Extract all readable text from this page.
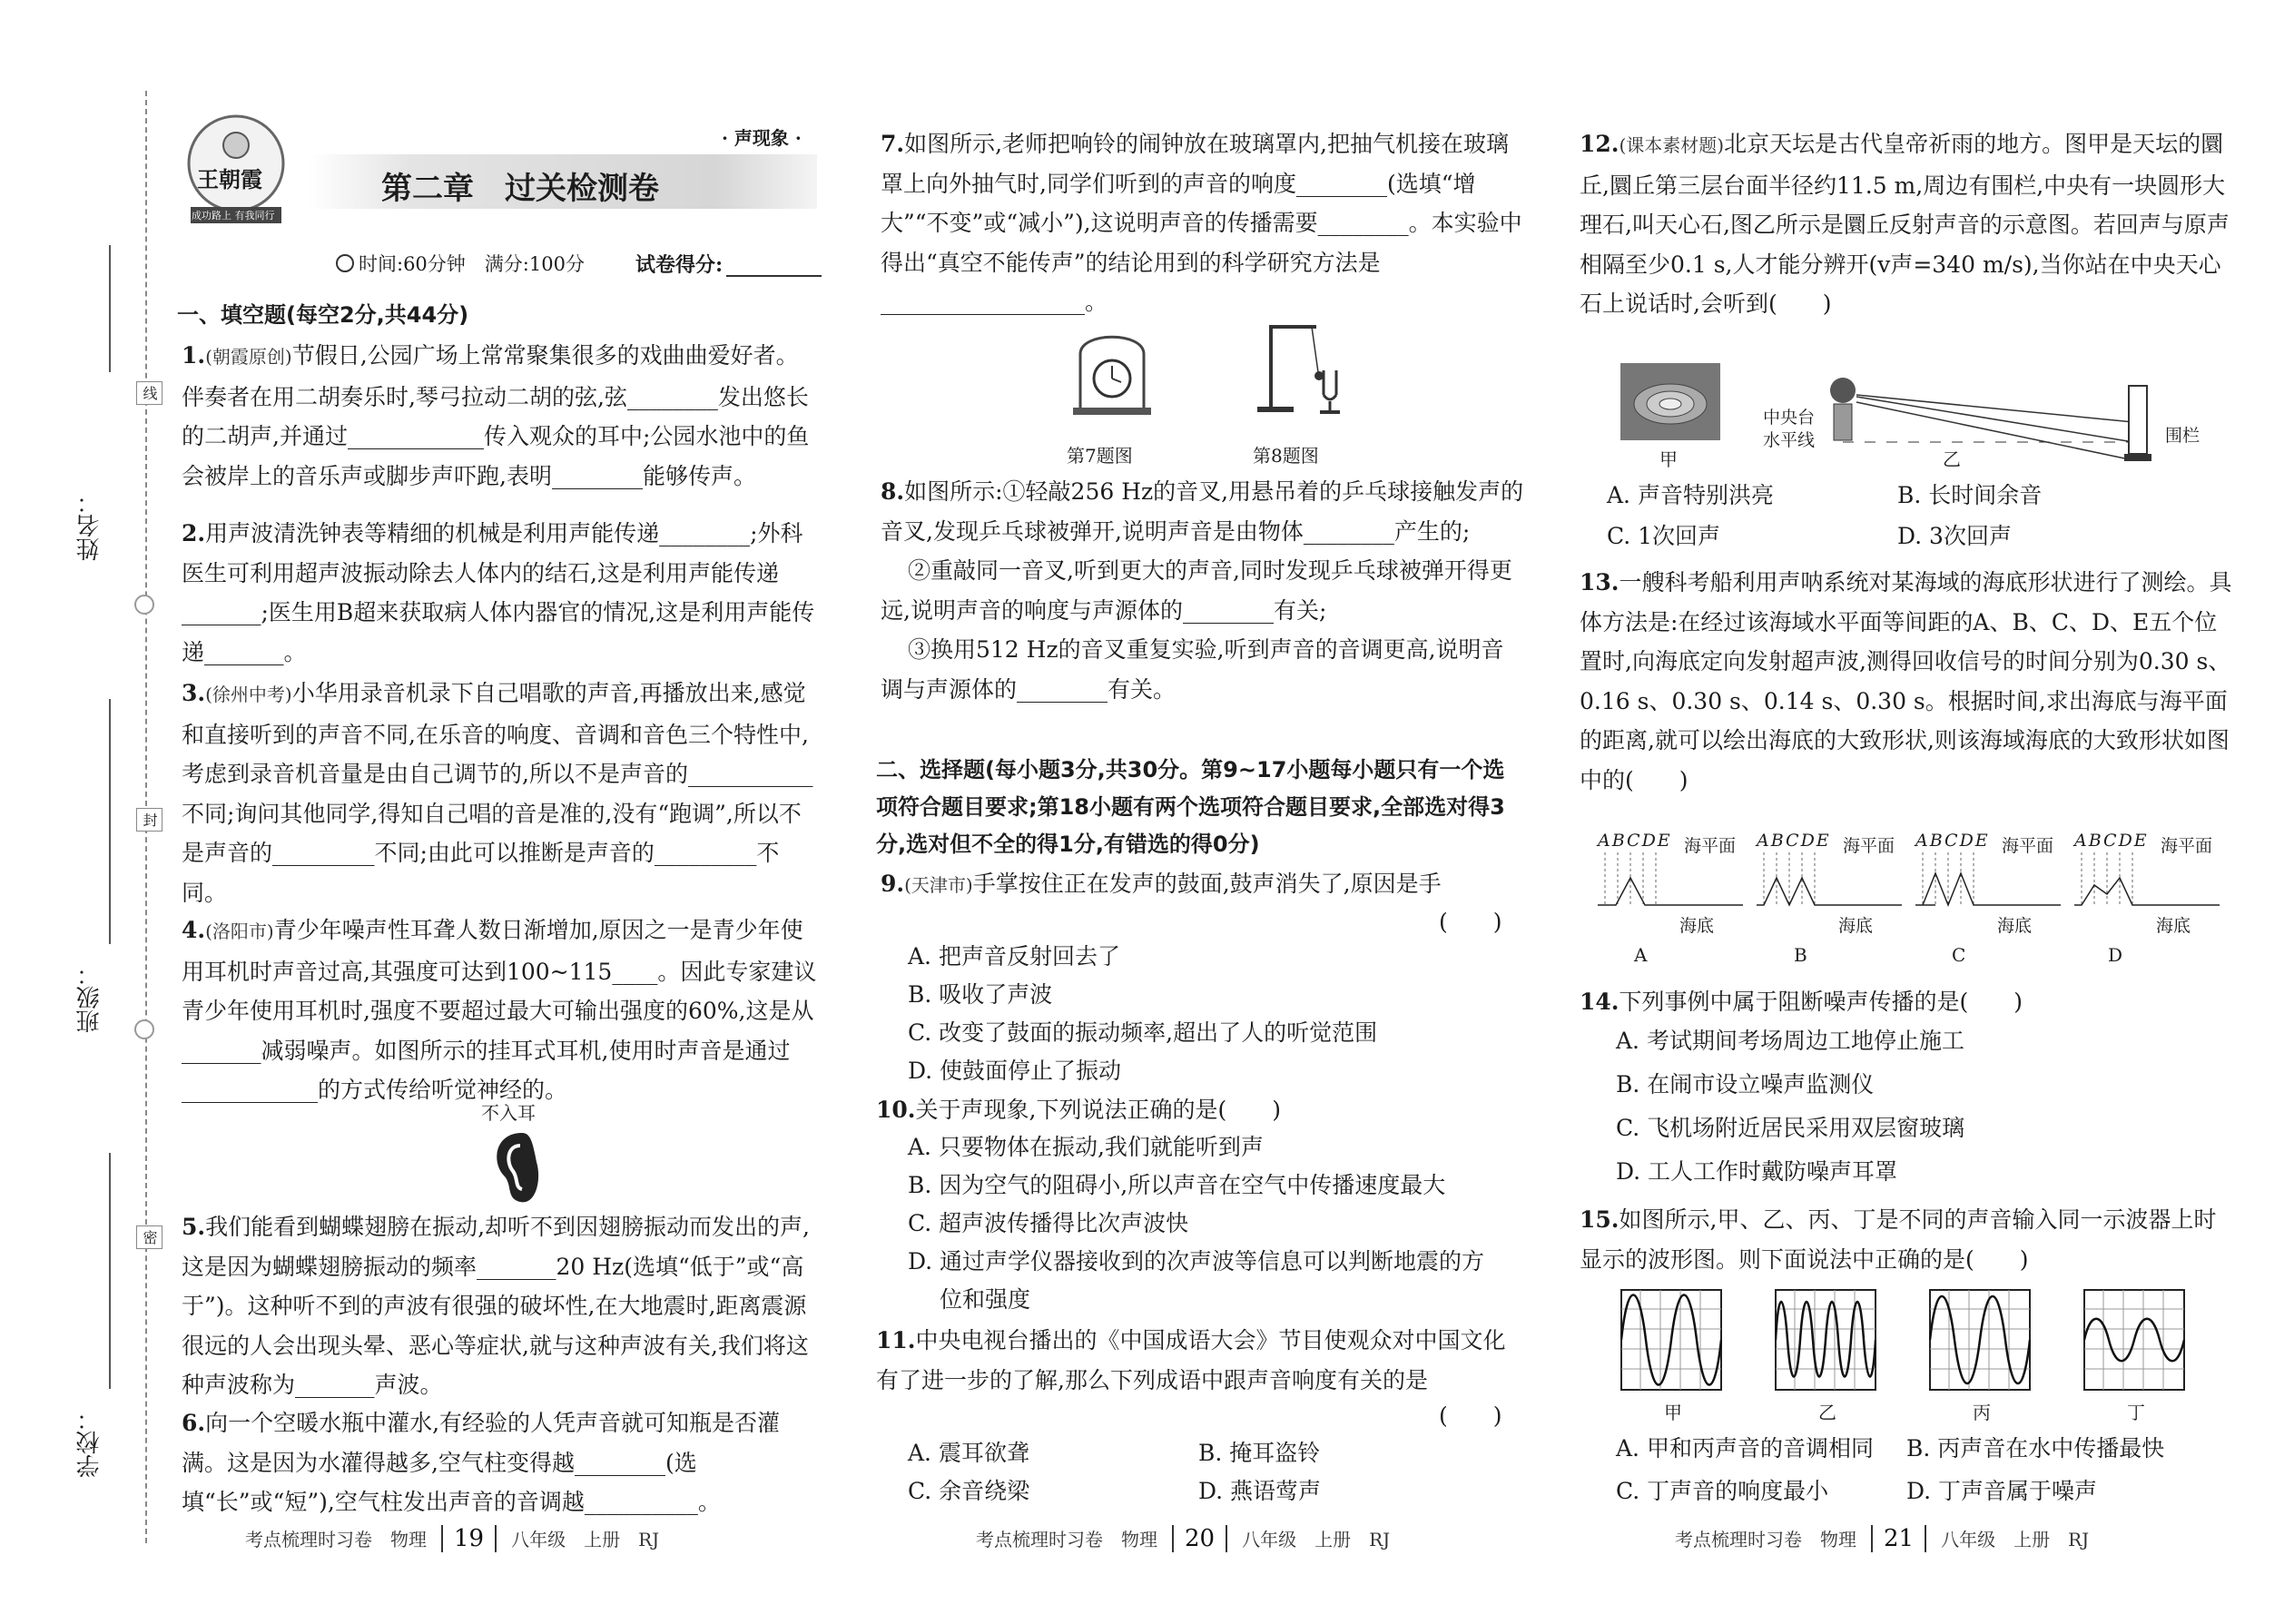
姓名：
班级：
学校：
线
封
密
王朝霞
成功路上 有我同行
· 声现象 ·
第二章　过关检测卷
时间:60分钟　满分:100分	试卷得分:
一、填空题(每空2分,共44分)
1.(朝霞原创)节假日,公园广场上常常聚集很多的戏曲曲爱好者。伴奏者在用二胡奏乐时,琴弓拉动二胡的弦,弦________发出悠长的二胡声,并通过____________传入观众的耳中;公园水池中的鱼会被岸上的音乐声或脚步声吓跑,表明________能够传声。
2.用声波清洗钟表等精细的机械是利用声能传递________;外科医生可利用超声波振动除去人体内的结石,这是利用声能传递_______;医生用B超来获取病人体内器官的情况,这是利用声能传递_______。
3.(徐州中考)小华用录音机录下自己唱歌的声音,再播放出来,感觉和直接听到的声音不同,在乐音的响度、音调和音色三个特性中,考虑到录音机音量是由自己调节的,所以不是声音的___________不同;询问其他同学,得知自己唱的音是准的,没有“跑调”,所以不是声音的_________不同;由此可以推断是声音的_________不同。
4.(洛阳市)青少年噪声性耳聋人数日渐增加,原因之一是青少年使用耳机时声音过高,其强度可达到100~115____。因此专家建议青少年使用耳机时,强度不要超过最大可输出强度的60%,这是从_______减弱噪声。如图所示的挂耳式耳机,使用时声音是通过____________的方式传给听觉神经的。
不入耳
5.我们能看到蝴蝶翅膀在振动,却听不到因翅膀振动而发出的声,这是因为蝴蝶翅膀振动的频率_______20 Hz(选填“低于”或“高于”)。这种听不到的声波有很强的破坏性,在大地震时,距离震源很远的人会出现头晕、恶心等症状,就与这种声波有关,我们将这种声波称为_______声波。
6.向一个空暖水瓶中灌水,有经验的人凭声音就可知瓶是否灌满。这是因为水灌得越多,空气柱变得越________(选填“长”或“短”),空气柱发出声音的音调越__________。
7.如图所示,老师把响铃的闹钟放在玻璃罩内,把抽气机接在玻璃罩上向外抽气时,同学们听到的声音的响度________(选填“增大”“不变”或“减小”),这说明声音的传播需要________。本实验中得出“真空不能传声”的结论用到的科学研究方法是__________________。
第7题图	第8题图
8.如图所示:①轻敲256 Hz的音叉,用悬吊着的乒乓球接触发声的音叉,发现乒乓球被弹开,说明声音是由物体________产生的;
②重敲同一音叉,听到更大的声音,同时发现乒乓球被弹开得更远,说明声音的响度与声源体的________有关;
③换用512 Hz的音叉重复实验,听到声音的音调更高,说明音调与声源体的________有关。
二、选择题(每小题3分,共30分。第9~17小题每小题只有一个选项符合题目要求;第18小题有两个选项符合题目要求,全部选对得3分,选对但不全的得1分,有错选的得0分)
9.(天津市)手掌按住正在发声的鼓面,鼓声消失了,原因是手
(　　)
A. 把声音反射回去了
B. 吸收了声波
C. 改变了鼓面的振动频率,超出了人的听觉范围
D. 使鼓面停止了振动
10.关于声现象,下列说法正确的是(　　)
A. 只要物体在振动,我们就能听到声
B. 因为空气的阻碍小,所以声音在空气中传播速度最大
C. 超声波传播得比次声波快
D. 通过声学仪器接收到的次声波等信息可以判断地震的方
位和强度
11.中央电视台播出的《中国成语大会》节目使观众对中国文化有了进一步的了解,那么下列成语中跟声音响度有关的是
(　　)
A. 震耳欲聋	B. 掩耳盗铃
C. 余音绕梁	D. 燕语莺声
12.(课本素材题)北京天坛是古代皇帝祈雨的地方。图甲是天坛的圜丘,圜丘第三层台面半径约11.5 m,周边有围栏,中央有一块圆形大理石,叫天心石,图乙所示是圜丘反射声音的示意图。若回声与原声相隔至少0.1 s,人才能分辨开(v声=340 m/s),当你站在中央天心石上说话时,会听到(　　)
甲	乙
中央台
水平线	围栏
A. 声音特别洪亮	B. 长时间余音
C. 1次回声	D. 3次回声
13.一艘科考船利用声呐系统对某海域的海底形状进行了测绘。具体方法是:在经过该海域水平面等间距的A、B、C、D、E五个位置时,向海底定向发射超声波,测得回收信号的时间分别为0.30 s、0.16 s、0.30 s、0.14 s、0.30 s。根据时间,求出海底与海平面的距离,就可以绘出海底的大致形状,则该海域海底的大致形状如图中的(　　)
ABCDE 海平面
海底
ABCDE 海平面
海底
ABCDE 海平面
海底
ABCDE 海平面
海底
A	B	C	D
14.下列事例中属于阻断噪声传播的是(　　)
A. 考试期间考场周边工地停止施工
B. 在闹市设立噪声监测仪
C. 飞机场附近居民采用双层窗玻璃
D. 工人工作时戴防噪声耳罩
15.如图所示,甲、乙、丙、丁是不同的声音输入同一示波器上时显示的波形图。则下面说法中正确的是(　　)
甲	乙	丙	丁
A. 甲和丙声音的音调相同 B. 丙声音在水中传播最快
C. 丁声音的响度最小	D. 丁声音属于噪声
考点梳理时习卷　物理 19 八年级　上册　RJ	考点梳理时习卷　物理 20 八年级　上册　RJ	考点梳理时习卷　物理 21 八年级　上册　RJ
